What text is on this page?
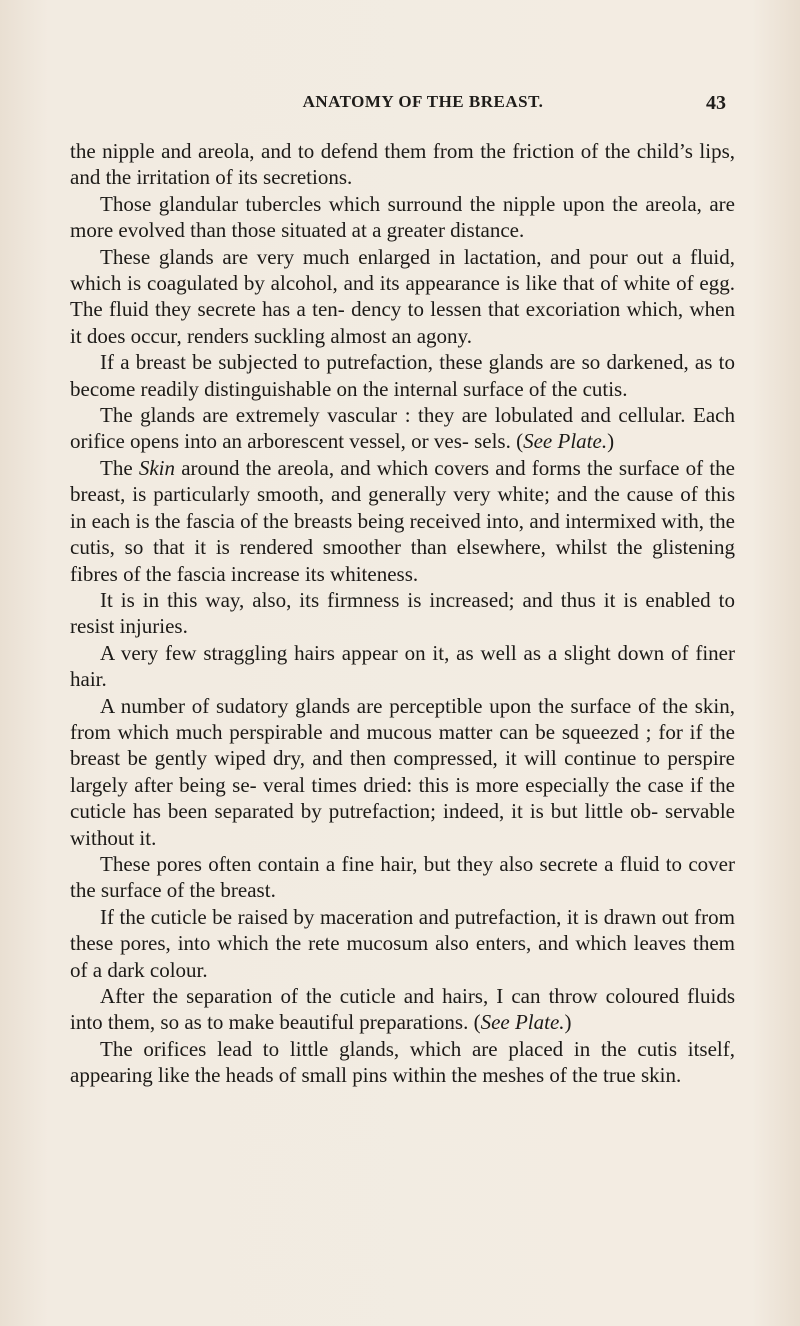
ANATOMY OF THE BREAST.	43

the nipple and areola, and to defend them from the friction of the child’s lips, and the irritation of its secretions.

Those glandular tubercles which surround the nipple upon the areola, are more evolved than those situated at a greater distance.

These glands are very much enlarged in lactation, and pour out a fluid, which is coagulated by alcohol, and its appearance is like that of white of egg. The fluid they secrete has a ten- dency to lessen that excoriation which, when it does occur, renders suckling almost an agony.

If a breast be subjected to putrefaction, these glands are so darkened, as to become readily distinguishable on the internal surface of the cutis.

The glands are extremely vascular : they are lobulated and cellular. Each orifice opens into an arborescent vessel, or ves- sels. (See Plate.)

The Skin around the areola, and which covers and forms the surface of the breast, is particularly smooth, and generally very white; and the cause of this in each is the fascia of the breasts being received into, and intermixed with, the cutis, so that it is rendered smoother than elsewhere, whilst the glistening fibres of the fascia increase its whiteness.

It is in this way, also, its firmness is increased; and thus it is enabled to resist injuries.

A very few straggling hairs appear on it, as well as a slight down of finer hair.

A number of sudatory glands are perceptible upon the surface of the skin, from which much perspirable and mucous matter can be squeezed ; for if the breast be gently wiped dry, and then compressed, it will continue to perspire largely after being se- veral times dried: this is more especially the case if the cuticle has been separated by putrefaction; indeed, it is but little ob- servable without it.

These pores often contain a fine hair, but they also secrete a fluid to cover the surface of the breast.

If the cuticle be raised by maceration and putrefaction, it is drawn out from these pores, into which the rete mucosum also enters, and which leaves them of a dark colour.

After the separation of the cuticle and hairs, I can throw coloured fluids into them, so as to make beautiful preparations. (See Plate.)

The orifices lead to little glands, which are placed in the cutis itself, appearing like the heads of small pins within the meshes of the true skin.
